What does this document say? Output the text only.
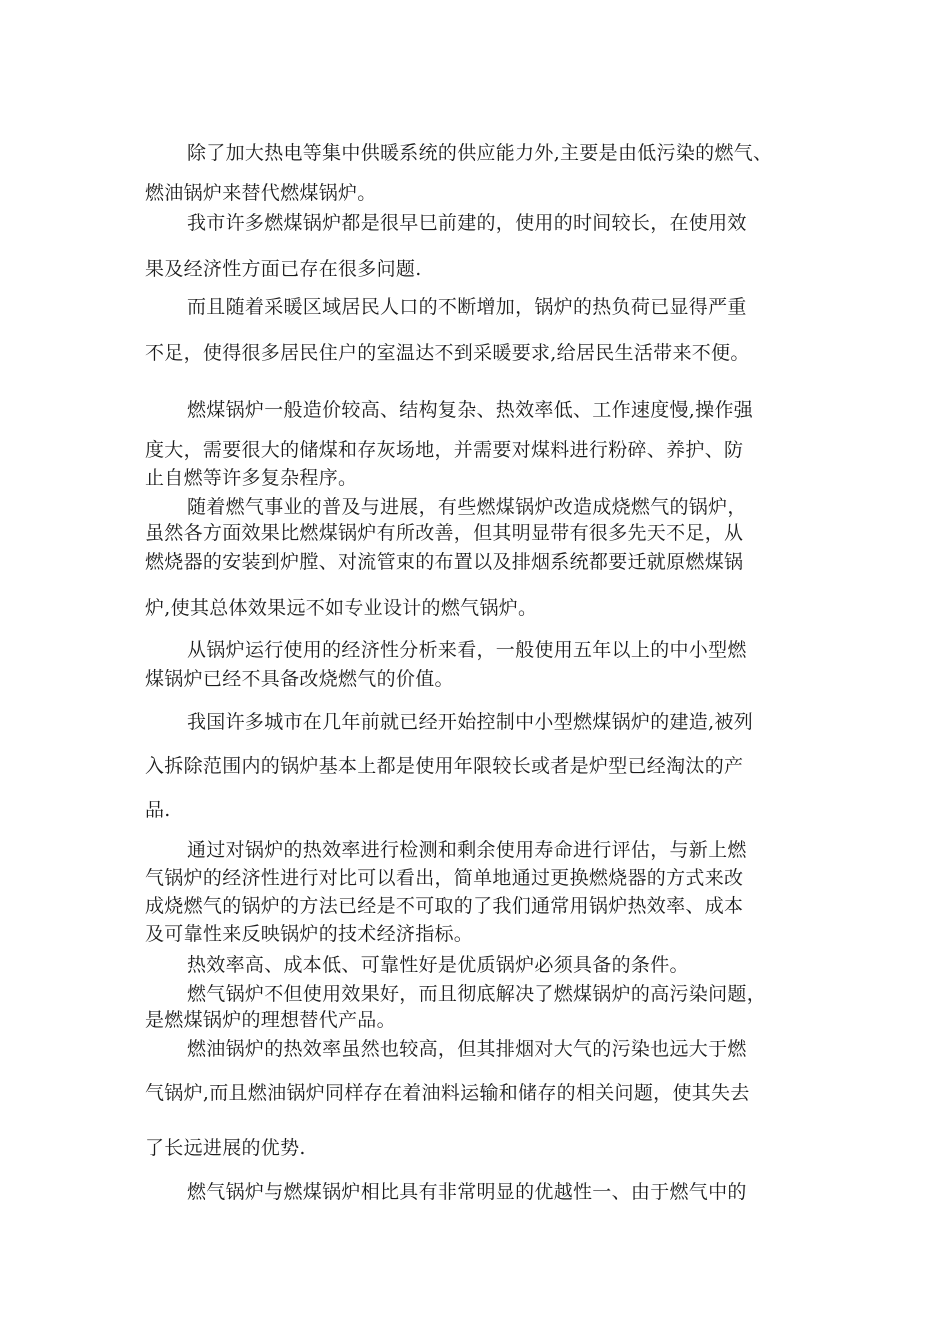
除了加大热电等集中供暖系统的供应能力外,主要是由低污染的燃气、

燃油锅炉来替代燃煤锅炉。

我市许多燃煤锅炉都是很早巳前建的，使用的时间较长，在使用效

果及经济性方面已存在很多问题.

而且随着采暖区域居民人口的不断增加，锅炉的热负荷已显得严重

不足，使得很多居民住户的室温达不到采暖要求,给居民生活带来不便。

燃煤锅炉一般造价较高、结构复杂、热效率低、工作速度慢,操作强

度大，需要很大的储煤和存灰场地，并需要对煤料进行粉碎、养护、防

止自燃等许多复杂程序。

随着燃气事业的普及与进展，有些燃煤锅炉改造成烧燃气的锅炉，

虽然各方面效果比燃煤锅炉有所改善，但其明显带有很多先天不足，从

燃烧器的安装到炉膛、对流管束的布置以及排烟系统都要迁就原燃煤锅

炉,使其总体效果远不如专业设计的燃气锅炉。

从锅炉运行使用的经济性分析来看，一般使用五年以上的中小型燃

煤锅炉已经不具备改烧燃气的价值。

我国许多城市在几年前就已经开始控制中小型燃煤锅炉的建造,被列

入拆除范围内的锅炉基本上都是使用年限较长或者是炉型已经淘汰的产

品.

通过对锅炉的热效率进行检测和剩余使用寿命进行评估，与新上燃

气锅炉的经济性进行对比可以看出，简单地通过更换燃烧器的方式来改

成烧燃气的锅炉的方法已经是不可取的了我们通常用锅炉热效率、成本

及可靠性来反映锅炉的技术经济指标。

热效率高、成本低、可靠性好是优质锅炉必须具备的条件。

燃气锅炉不但使用效果好，而且彻底解决了燃煤锅炉的高污染问题，

是燃煤锅炉的理想替代产品。

燃油锅炉的热效率虽然也较高，但其排烟对大气的污染也远大于燃

气锅炉,而且燃油锅炉同样存在着油料运输和储存的相关问题，使其失去

了长远进展的优势.

燃气锅炉与燃煤锅炉相比具有非常明显的优越性一、由于燃气中的
